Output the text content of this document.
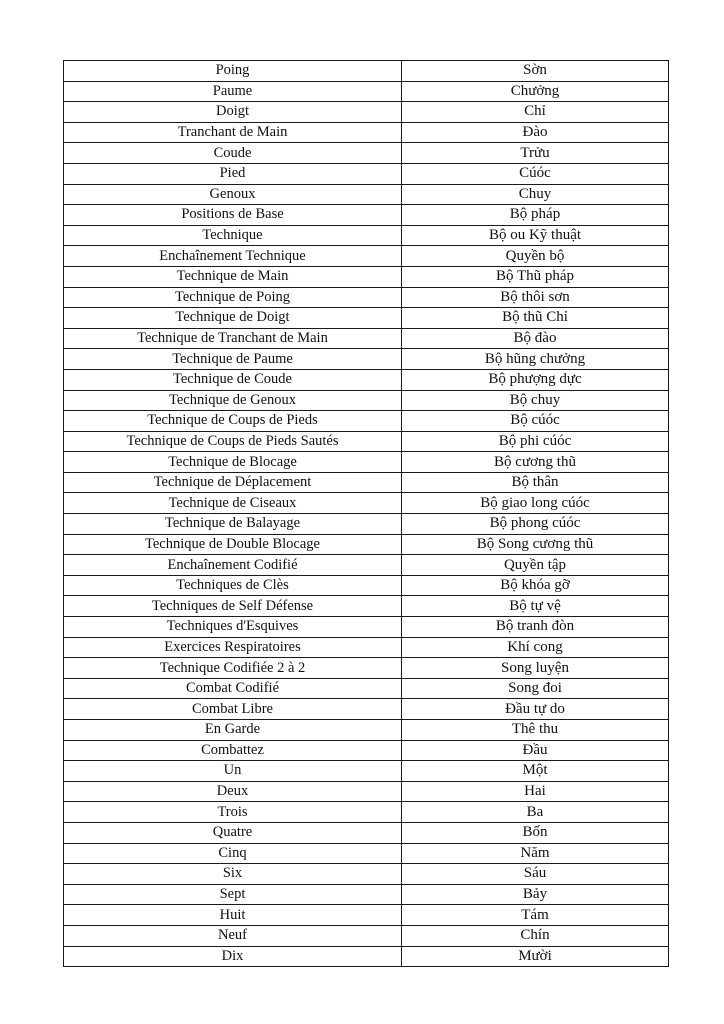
Poing	Sờn
Paume	Chưởng
Doigt	Chỉ
Tranchant de Main	Đào
Coude	Trửu
Pied	Cúóc
Genoux	Chuy
Positions de Base	Bộ pháp
Technique	Bộ ou Kỹ thuật
Enchaînement Technique	Quyền bộ
Technique de Main	Bộ Thũ pháp
Technique de Poing	Bộ thôi sơn
Technique de Doigt	Bộ thũ Chỉ
Technique de Tranchant de Main	Bộ đào
Technique de Paume	Bộ hũng chưởng
Technique de Coude	Bộ phượng dực
Technique de Genoux	Bộ chuy
Technique de Coups de Pieds	Bộ cúóc
Technique de Coups de Pieds Sautés	Bộ phi cúóc
Technique de Blocage	Bộ cương thũ
Technique de Déplacement	Bộ thân
Technique de Ciseaux	Bộ giao long cúóc
Technique de Balayage	Bộ phong cúóc
Technique de Double Blocage	Bộ Song cương thũ
Enchaînement Codifié	Quyền tập
Techniques de Clès	Bộ khóa gỡ
Techniques de Self Défense	Bộ tự vệ
Techniques d'Esquives	Bộ tranh đòn
Exercices Respiratoires	Khí cong
Technique Codifiée 2 à 2	Song luyện
Combat Codifié	Song đoi
Combat Libre	Đầu tự do
En Garde	Thê thu
Combattez	Đầu
Un	Một
Deux	Hai
Trois	Ba
Quatre	Bốn
Cinq	Năm
Six	Sáu
Sept	Bảy
Huit	Tám
Neuf	Chín
Dix	Mười
